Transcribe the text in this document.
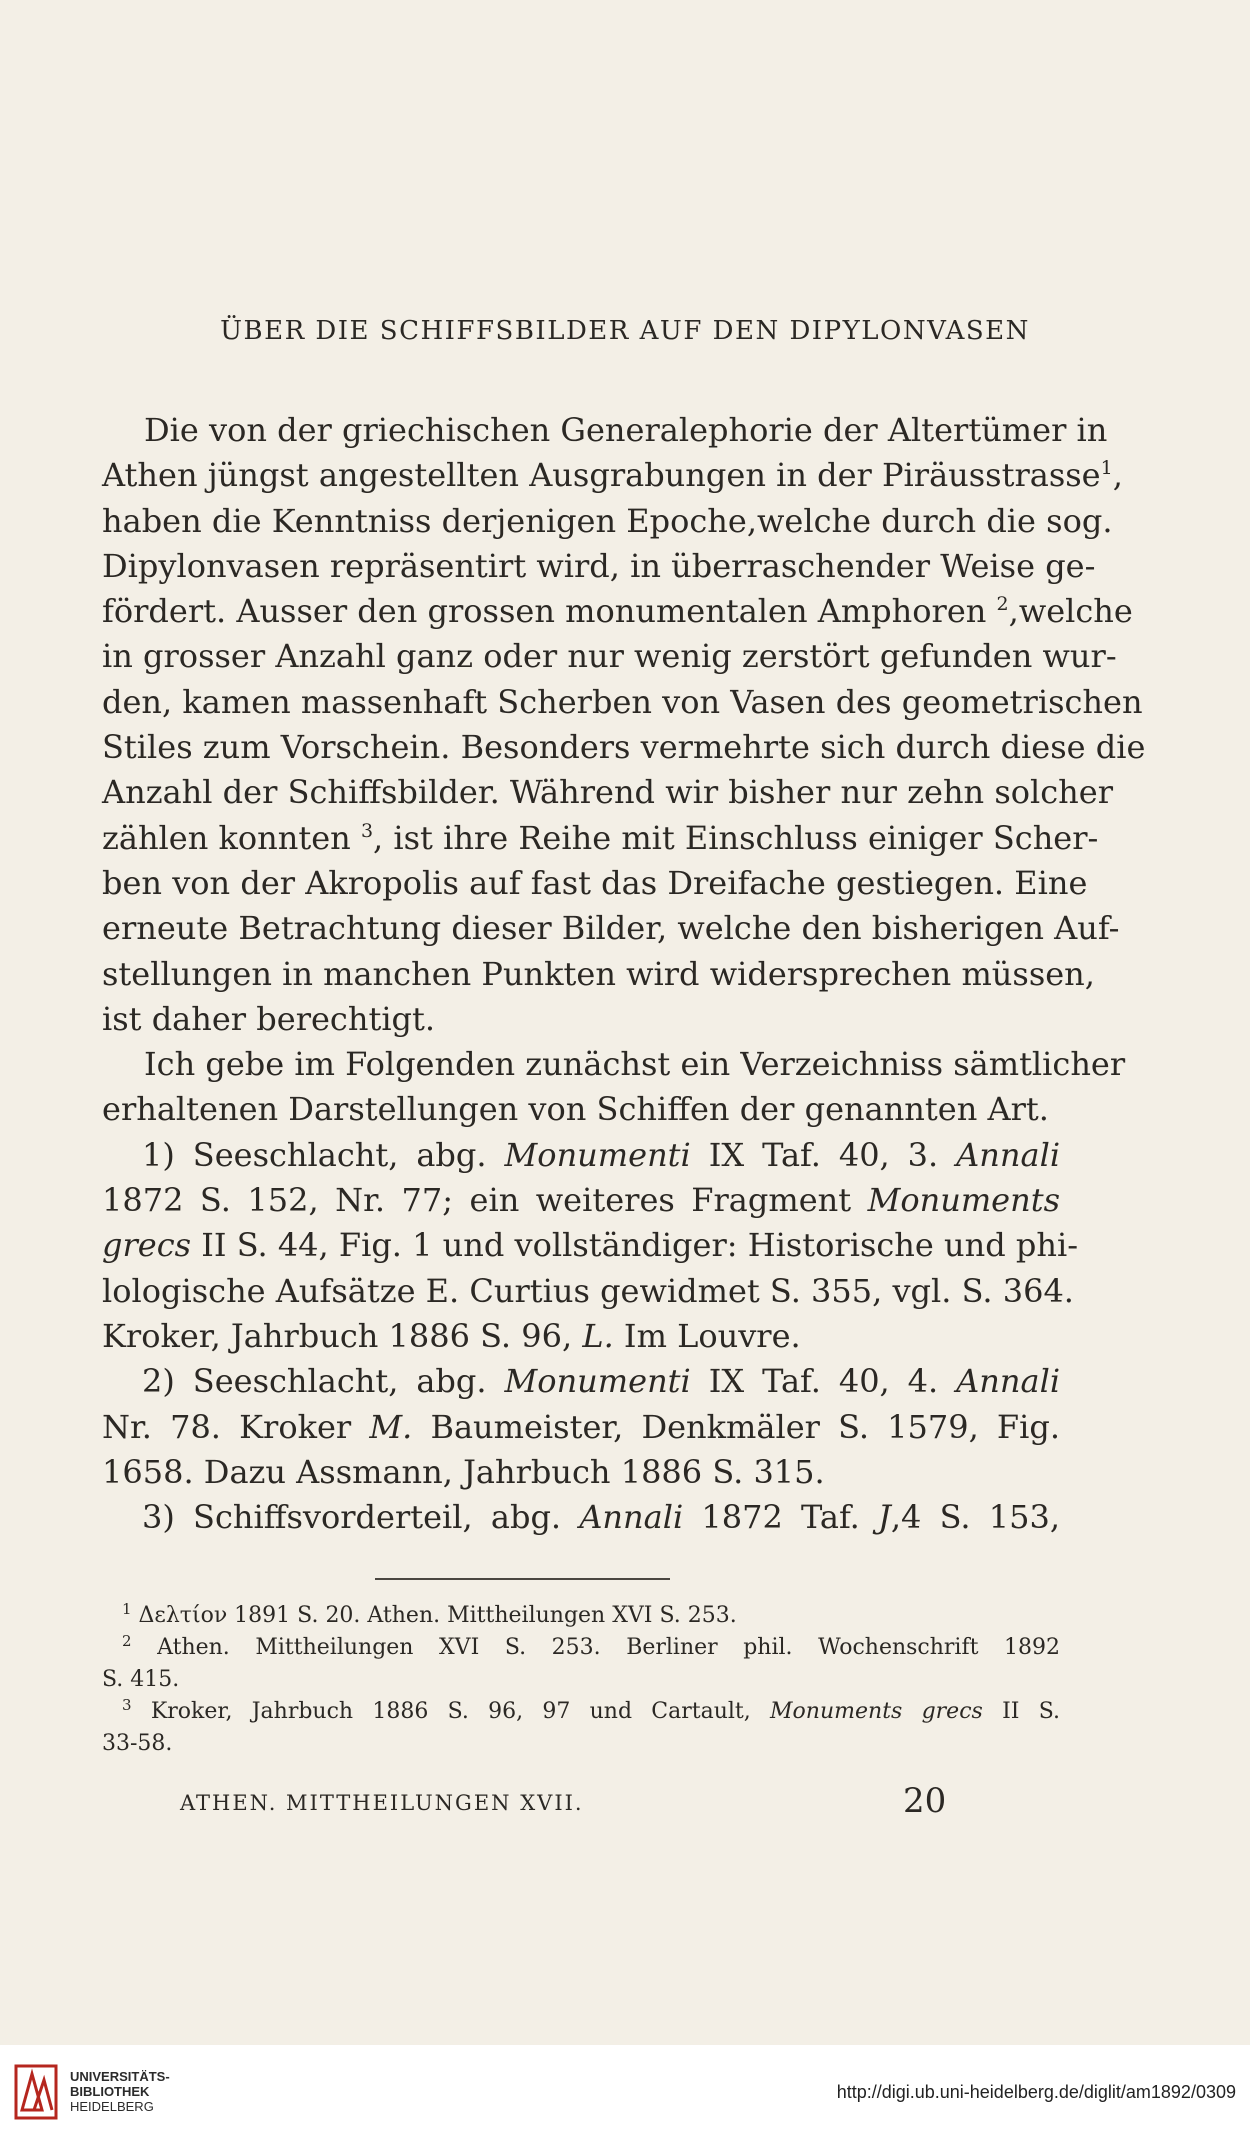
ÜBER DIE SCHIFFSBILDER AUF DEN DIPYLONVASEN
Die von der griechischen Generalephorie der Altertümer in
Athen jüngst angestellten Ausgrabungen in der Piräusstrasse$^1$,
haben die Kenntniss derjenigen Epoche,welche durch die sog.
Dipylonvasen repräsentirt wird, in überraschender Weise ge-
fördert. Ausser den grossen monumentalen Amphoren $^2$,welche
in grosser Anzahl ganz oder nur wenig zerstört gefunden wur-
den, kamen massenhaft Scherben von Vasen des geometrischen
Stiles zum Vorschein. Besonders vermehrte sich durch diese die
Anzahl der Schiffsbilder. Während wir bisher nur zehn solcher
zählen konnten $^3$, ist ihre Reihe mit Einschluss einiger Scher-
ben von der Akropolis auf fast das Dreifache gestiegen. Eine
erneute Betrachtung dieser Bilder, welche den bisherigen Auf-
stellungen in manchen Punkten wird widersprechen müssen,
ist daher berechtigt.
Ich gebe im Folgenden zunächst ein Verzeichniss sämtlicher
erhaltenen Darstellungen von Schiffen der genannten Art.
1) Seeschlacht, abg. Monumenti IX Taf. 40, 3. Annali
1872 S. 152, Nr. 77; ein weiteres Fragment Monuments
grecs II S. 44, Fig. 1 und vollständiger: Historische und phi-
lologische Aufsätze E. Curtius gewidmet S. 355, vgl. S. 364.
Kroker, Jahrbuch 1886 S. 96, L. Im Louvre.
2) Seeschlacht, abg. Monumenti IX Taf. 40, 4. Annali
Nr. 78. Kroker M. Baumeister, Denkmäler S. 1579, Fig.
1658. Dazu Assmann, Jahrbuch 1886 S. 315.
3) Schiffsvorderteil, abg. Annali 1872 Taf. J,4 S. 153,
$^1$ Δελτίον 1891 S. 20. Athen. Mittheilungen XVI S. 253.
$^2$ Athen. Mittheilungen XVI S. 253. Berliner phil. Wochenschrift 1892
S. 415.
$^3$ Kroker, Jahrbuch 1886 S. 96, 97 und Cartault, Monuments grecs II S.
33-58.
ATHEN. MITTHEILUNGEN XVII.	20
UNIVERSITÄTS-
BIBLIOTHEK
HEIDELBERG
http://digi.ub.uni-heidelberg.de/diglit/am1892/0309
